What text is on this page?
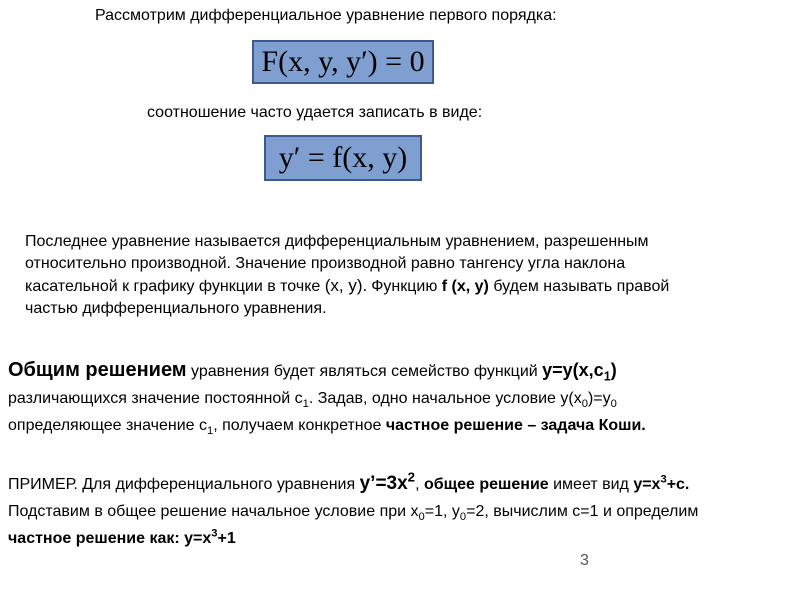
Рассмотрим дифференциальное уравнение первого порядка:
F(x, y, y′) = 0
соотношение часто удается записать в виде:
y′ = f(x, y)
Последнее уравнение называется дифференциальным уравнением, разрешенным
относительно производной. Значение производной равно тангенсу угла наклона
касательной к графику функции в точке (х, у). Функцию f (x, y) будем называть правой
частью дифференциального уравнения.
Общим решением уравнения будет являться семейство функций $у=у(х,с_1)$
различающихся значение постоянной $с_1$. Задав, одно начальное условие $у(х_0)=у_0$
определяющее значение $с_1$, получаем конкретное частное решение – задача Коши.
ПРИМЕР. Для дифференциального уравнения $у’=3х^2$, общее решение имеет вид $у=х^3+с$.
Подставим в общее решение начальное условие при $х_0=1$, $у_0=2$, вычислим с=1 и определим
частное решение как: $у=х^3+1$
3
